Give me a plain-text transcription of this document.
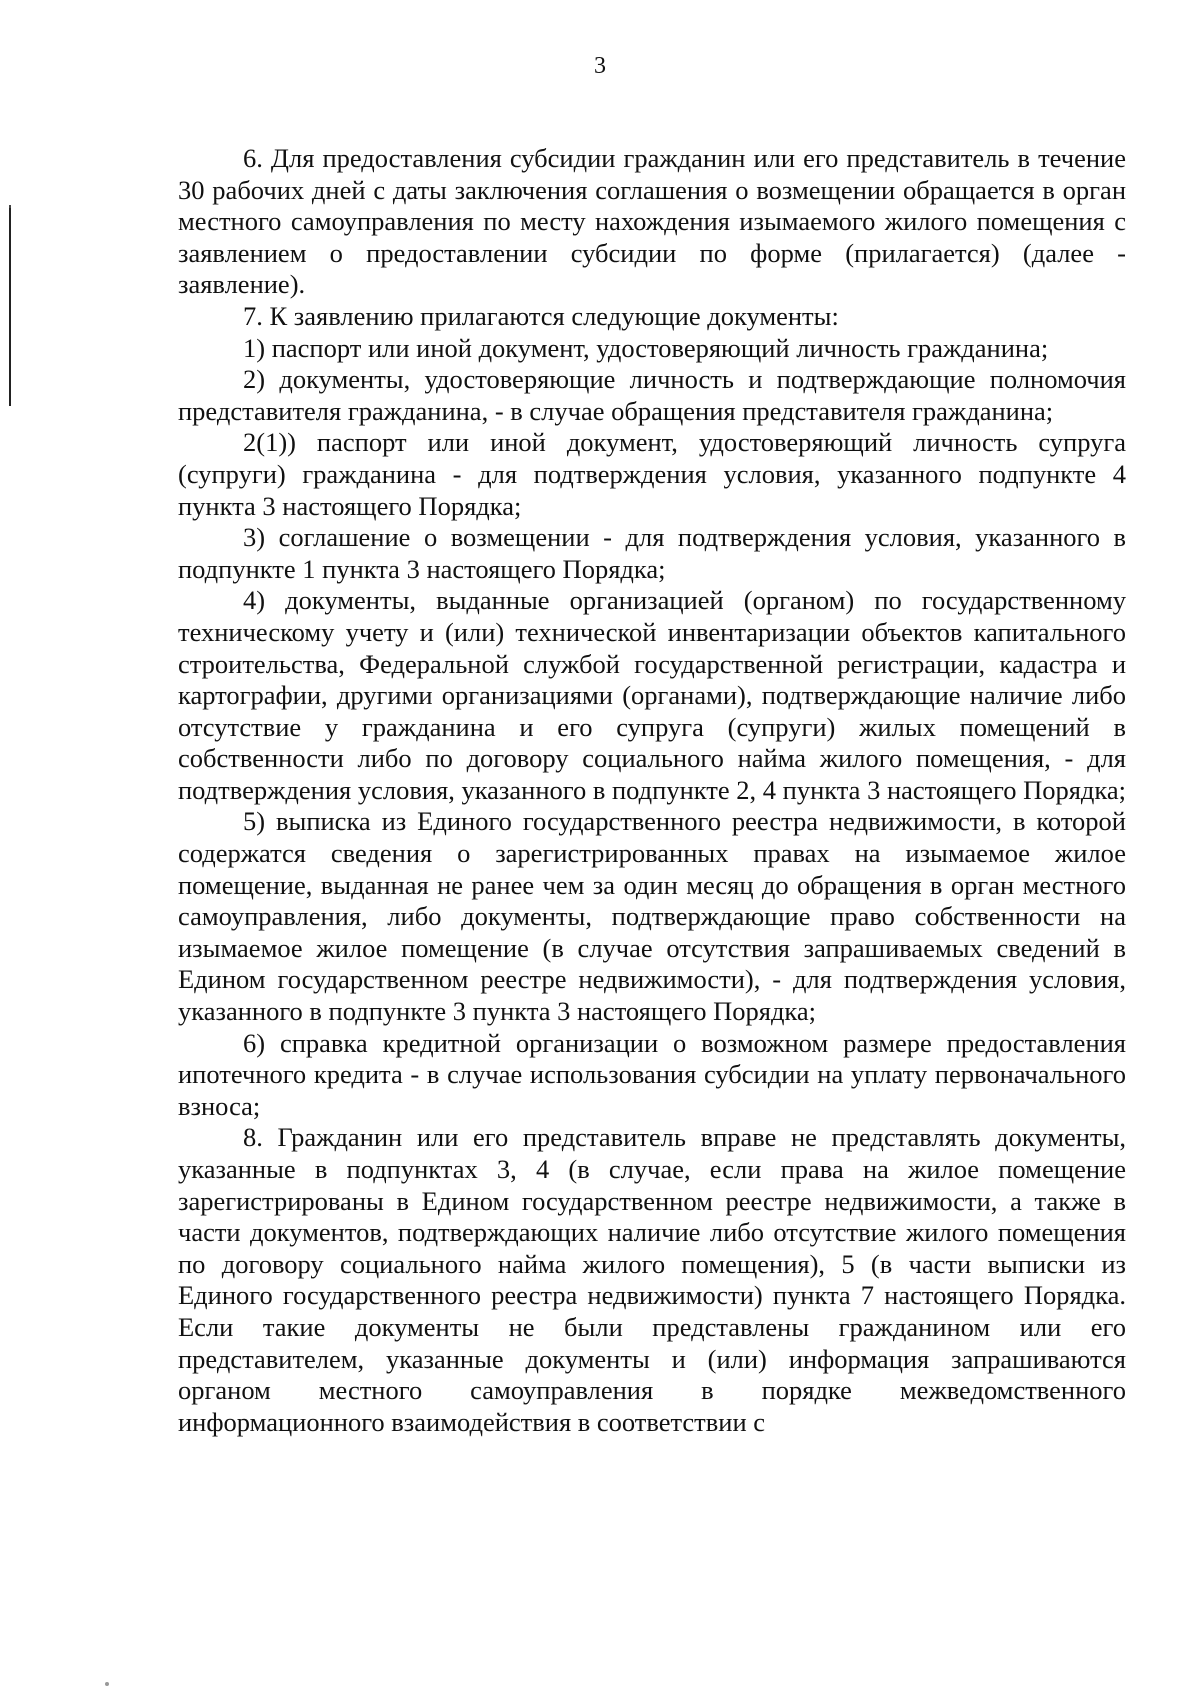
3

6. Для предоставления субсидии гражданин или его представитель в течение 30 рабочих дней с даты заключения соглашения о возмещении обращается в орган местного самоуправления по месту нахождения изымаемого жилого помещения с заявлением о предоставлении субсидии по форме (прилагается) (далее - заявление).

7. К заявлению прилагаются следующие документы:

1) паспорт или иной документ, удостоверяющий личность гражданина;

2) документы, удостоверяющие личность и подтверждающие полномочия представителя гражданина, - в случае обращения представителя гражданина;

2(1)) паспорт или иной документ, удостоверяющий личность супруга (супруги) гражданина - для подтверждения условия, указанного подпункте 4 пункта 3 настоящего Порядка;

3) соглашение о возмещении - для подтверждения условия, указанного в подпункте 1 пункта 3 настоящего Порядка;

4) документы, выданные организацией (органом) по государственному техническому учету и (или) технической инвентаризации объектов капитального строительства, Федеральной службой государственной регистрации, кадастра и картографии, другими организациями (органами), подтверждающие наличие либо отсутствие у гражданина и его супруга (супруги) жилых помещений в собственности либо по договору социального найма жилого помещения, - для подтверждения условия, указанного в подпункте 2, 4 пункта 3 настоящего Порядка;

5) выписка из Единого государственного реестра недвижимости, в которой содержатся сведения о зарегистрированных правах на изымаемое жилое помещение, выданная не ранее чем за один месяц до обращения в орган местного самоуправления, либо документы, подтверждающие право собственности на изымаемое жилое помещение (в случае отсутствия запрашиваемых сведений в Едином государственном реестре недвижимости), - для подтверждения условия, указанного в подпункте 3 пункта 3 настоящего Порядка;

6) справка кредитной организации о возможном размере предоставления ипотечного кредита - в случае использования субсидии на уплату первоначального взноса;

8. Гражданин или его представитель вправе не представлять документы, указанные в подпунктах 3, 4 (в случае, если права на жилое помещение зарегистрированы в Едином государственном реестре недвижимости, а также в части документов, подтверждающих наличие либо отсутствие жилого помещения по договору социального найма жилого помещения), 5 (в части выписки из Единого государственного реестра недвижимости) пункта 7 настоящего Порядка. Если такие документы не были представлены гражданином или его представителем, указанные документы и (или) информация запрашиваются органом местного самоуправления в порядке межведомственного информационного взаимодействия в соответствии с
